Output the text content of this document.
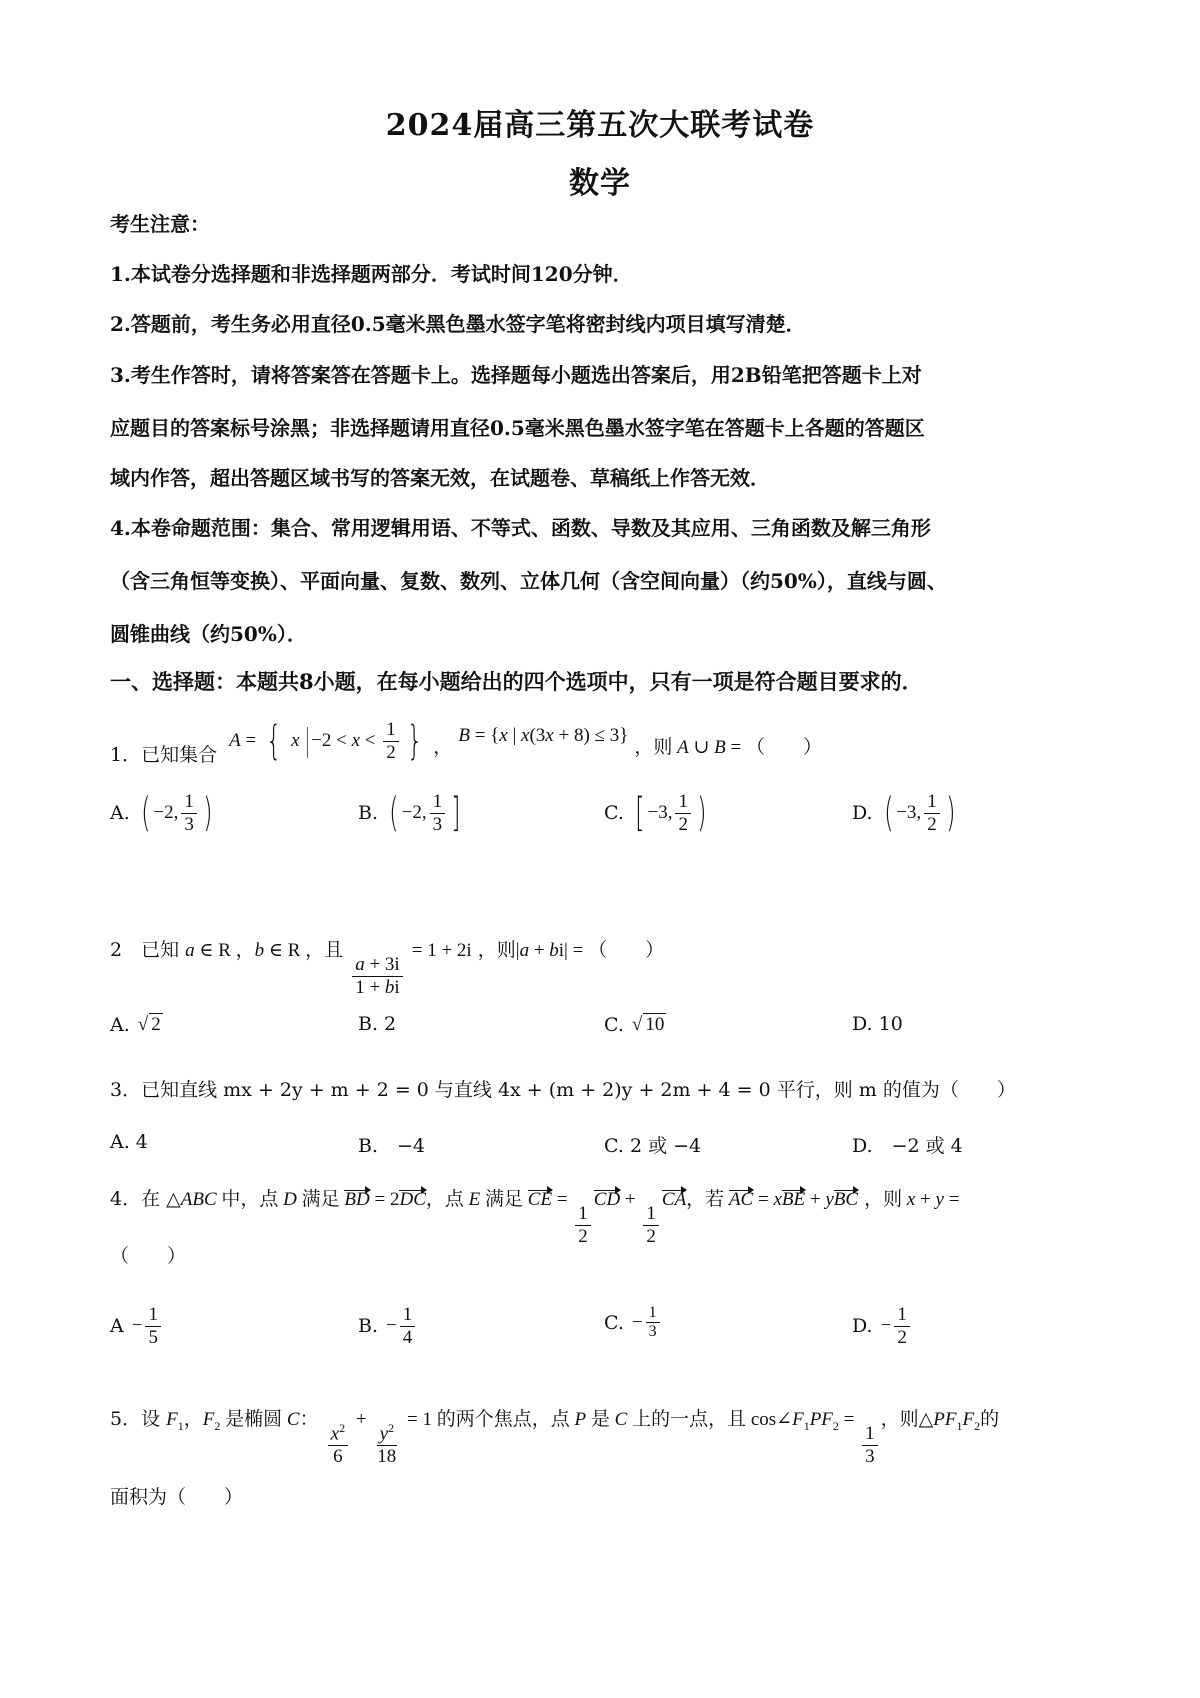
2024届高三第五次大联考试卷
数学
考生注意：
1.本试卷分选择题和非选择题两部分．考试时间120分钟．
2.答题前，考生务必用直径0.5毫米黑色墨水签字笔将密封线内项目填写清楚．
3.考生作答时，请将答案答在答题卡上。选择题每小题选出答案后，用2B铅笔把答题卡上对
应题目的答案标号涂黑；非选择题请用直径0.5毫米黑色墨水签字笔在答题卡上各题的答题区
域内作答，超出答题区域书写的答案无效，在试题卷、草稿纸上作答无效．
4.本卷命题范围：集合、常用逻辑用语、不等式、函数、导数及其应用、三角函数及解三角形
（含三角恒等变换）、平面向量、复数、数列、立体几何（含空间向量）（约50%），直线与圆、
圆锥曲线（约50%）．
一、选择题：本题共8小题，在每小题给出的四个选项中，只有一项是符合题目要求的．
1．已知集合 A = { x | $-2 < x < \frac{1}{2}$ } ， B = {x | x(3x + 8) ≤ 3} ，则 A ∪ B = （　　）
A. ( −2, $\frac{1}{3}$ )	B. ( −2, $\frac{1}{3}$ ]	C. [ −3, $\frac{1}{2}$ )	D. ( −3, $\frac{1}{2}$ )
2　已知 a ∈ R ，b ∈ R ，且
$\frac{a + 3i}{1 + bi}$
= 1 + 2i ，则|a + bi| = （　　）
A. √ 2	B. 2	C. √ 10	D. 10
3．已知直线 mx + 2y + m + 2 = 0 与直线 4x + (m + 2)y + 2m + 4 = 0 平行，则 m 的值为（　　）
A. 4	B.　−4	C. 2 或 −4	D.　−2 或 4
4．在 △ABC 中，点 D 满足 BD = 2DC，点 E 满足 CE =
$\frac{1}{2}$
CD +
$\frac{1}{2}$
CA，若 AC = xBE + yBC ，则 x + y =
（　　）
$A - \frac{1}{5}$	B. − $\frac{1}{4}$	C. − $\frac{1}{3}$	D. − $\frac{1}{2}$
5．设 $F_1$，$F_2$ 是椭圆 C：
$\frac{x^2}{6}$
+
$\frac{y^2}{18}$
= 1 的两个焦点，点 P 是 C 上的一点，且 $\cos\angle F_1PF_2$ =
$\frac{1}{3}$
，则$\triangle PF_1F_2$的
面积为（　　）
